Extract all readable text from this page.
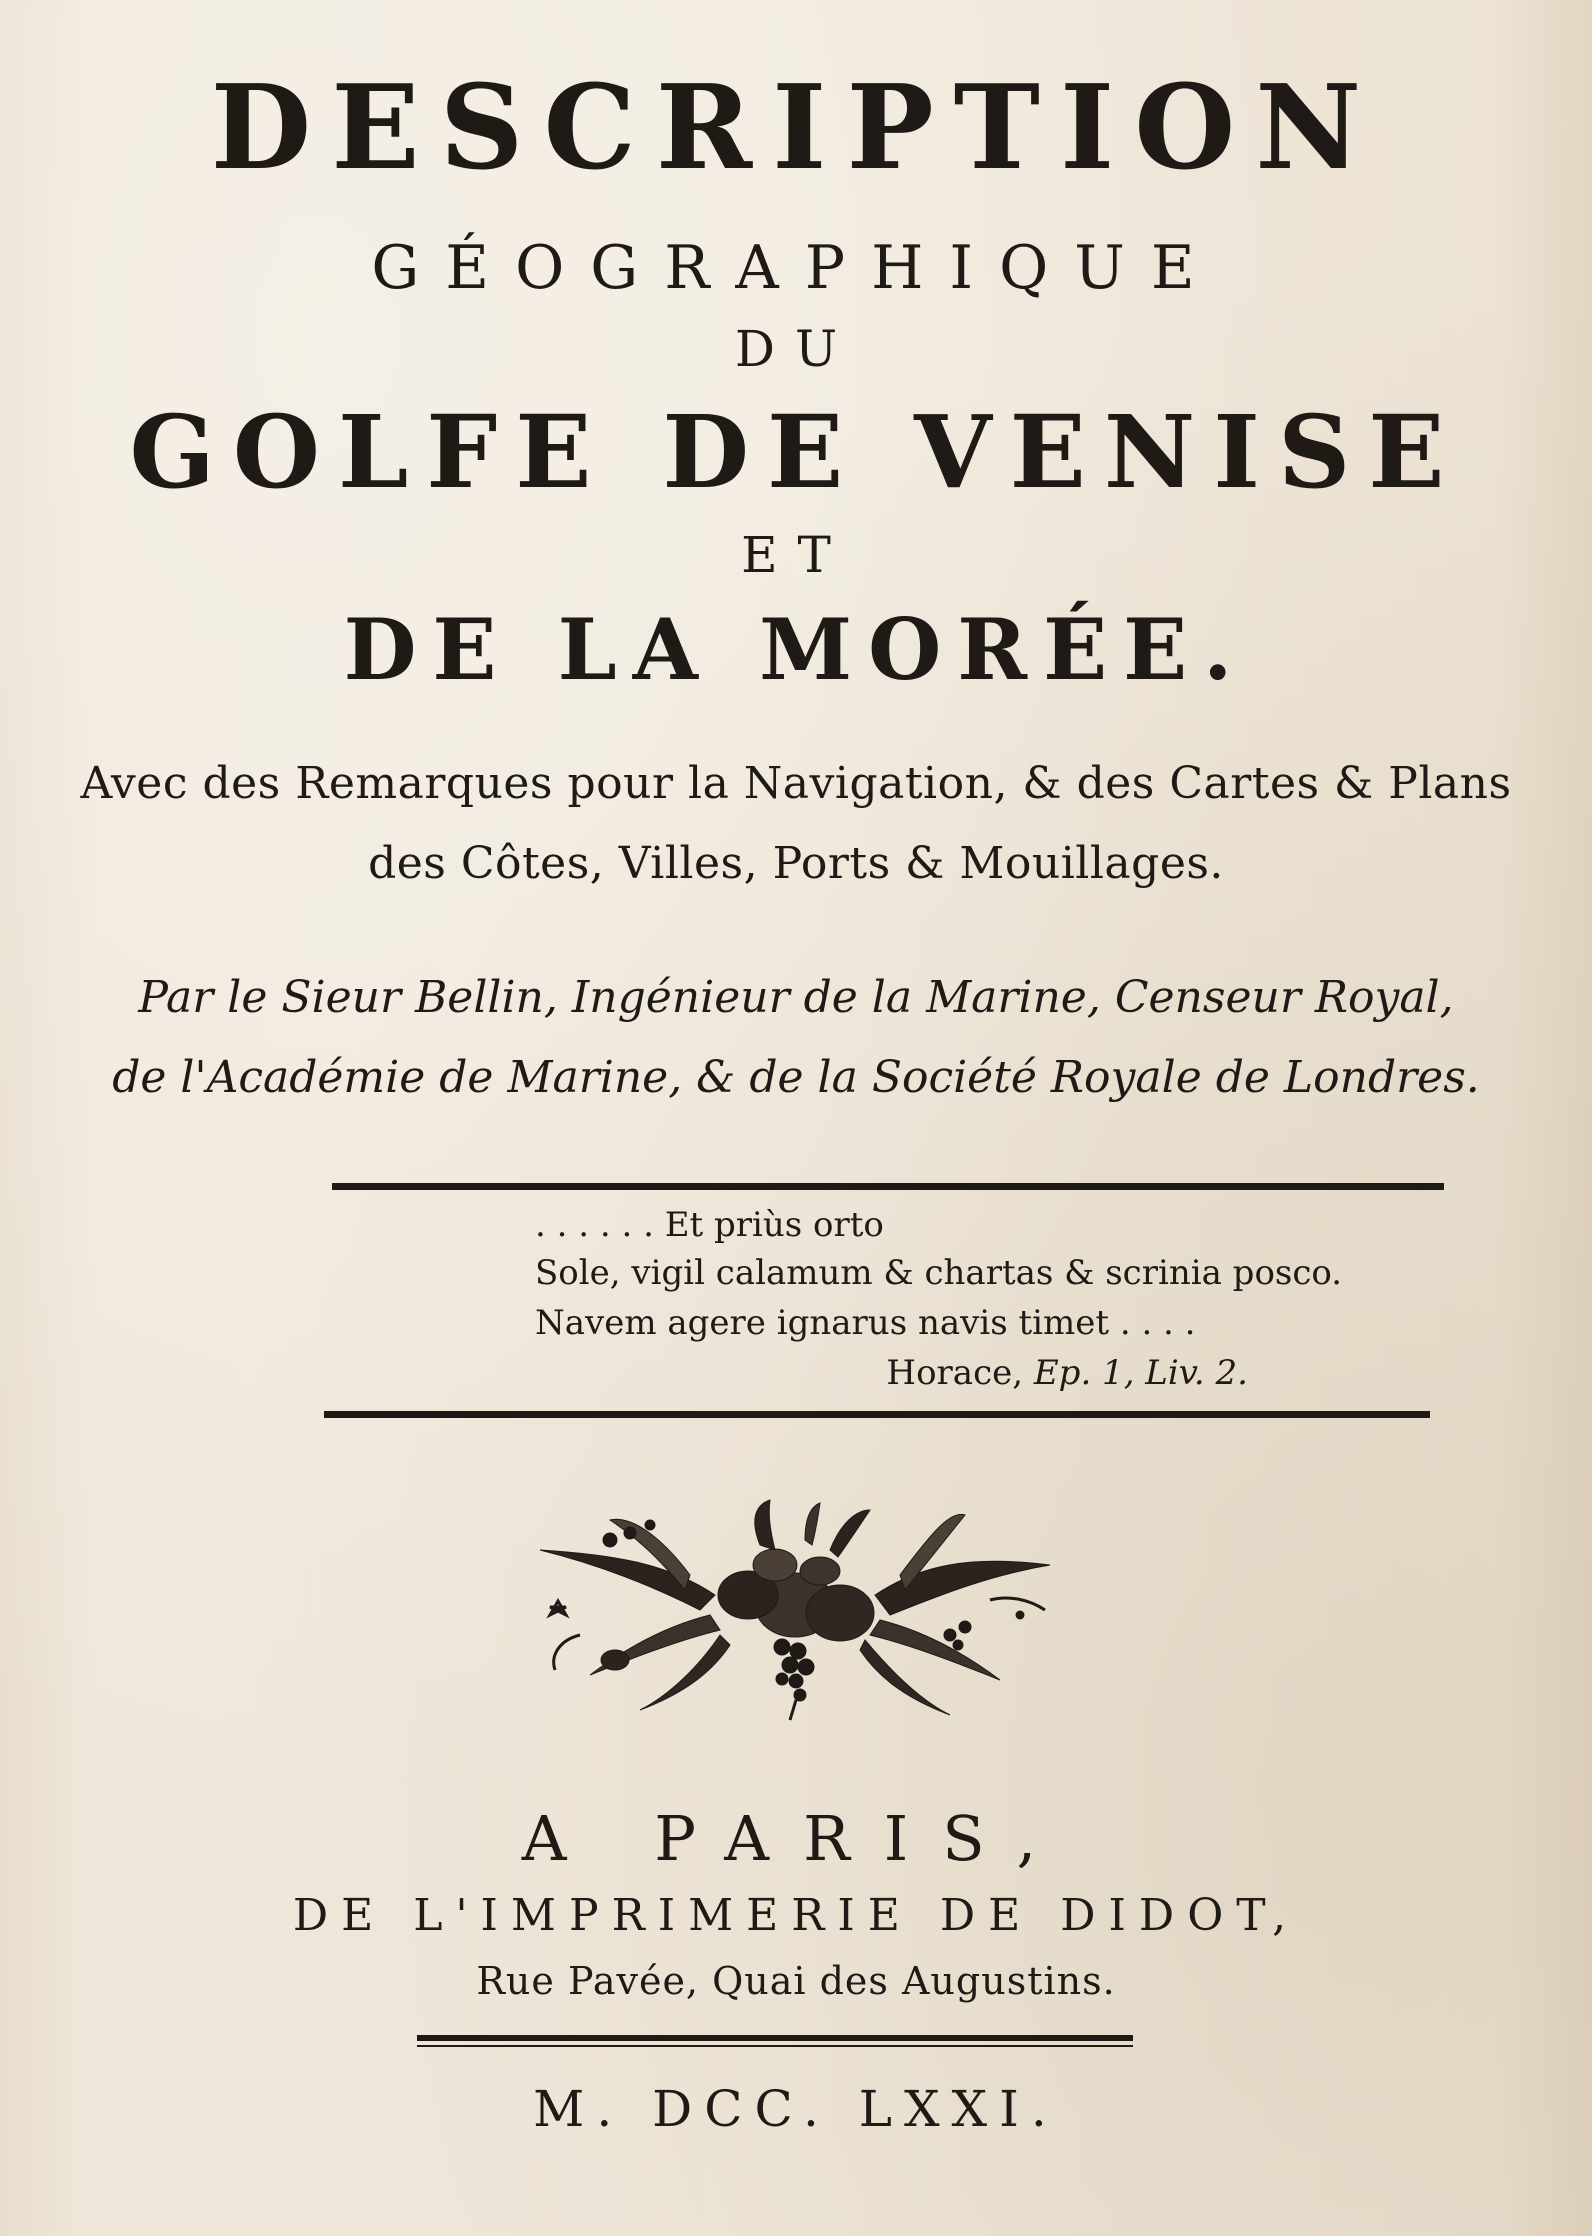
DESCRIPTION
GÉOGRAPHIQUE
DU
GOLFE DE VENISE
ET
DE LA MORÉE.
Avec des Remarques pour la Navigation, & des Cartes & Plans
des Côtes, Villes, Ports & Mouillages.
Par le Sieur Bellin, Ingénieur de la Marine, Censeur Royal,
de l'Académie de Marine, & de la Société Royale de Londres.
. . . . . . Et priùs orto
Sole, vigil calamum & chartas & scrinia posco.
Navem agere ignarus navis timet . . . .
Horace, Ep. 1, Liv. 2.
A PARIS,
DE L'IMPRIMERIE DE DIDOT,
Rue Pavée, Quai des Augustins.
M. DCC. LXXI.
